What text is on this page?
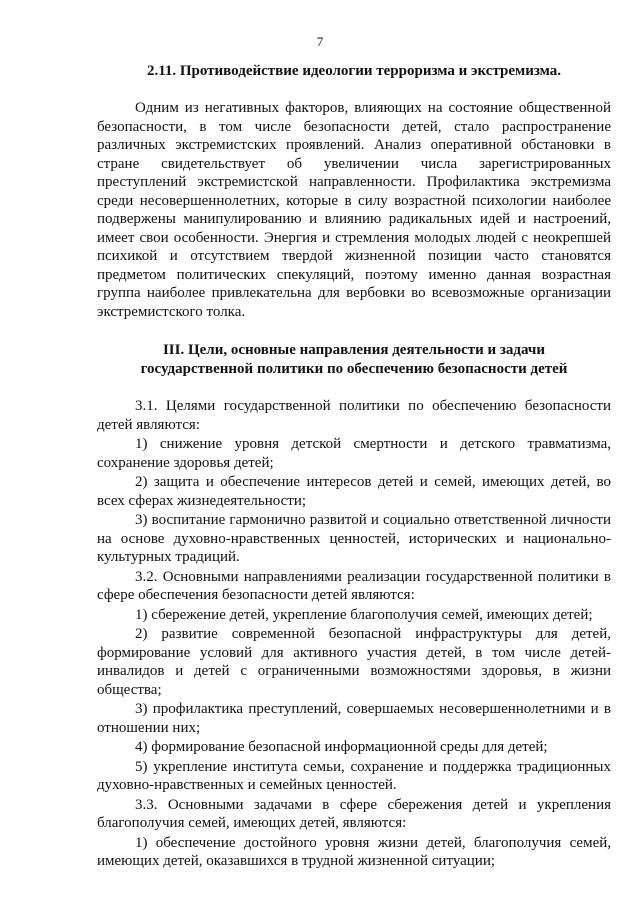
7

2.11. Противодействие идеологии терроризма и экстремизма.

Одним из негативных факторов, влияющих на состояние общественной безопасности, в том числе безопасности детей, стало распространение различных экстремистских проявлений. Анализ оперативной обстановки в стране свидетельствует об увеличении числа зарегистрированных преступлений экстремистской направленности. Профилактика экстремизма среди несовершеннолетних, которые в силу возрастной психологии наиболее подвержены манипулированию и влиянию радикальных идей и настроений, имеет свои особенности. Энергия и стремления молодых людей с неокрепшей психикой и отсутствием твердой жизненной позиции часто становятся предметом политических спекуляций, поэтому именно данная возрастная группа наиболее привлекательна для вербовки во всевозможные организации экстремистского толка.

III. Цели, основные направления деятельности и задачи
государственной политики по обеспечению безопасности детей

3.1. Целями государственной политики по обеспечению безопасности детей являются:

1) снижение уровня детской смертности и детского травматизма, сохранение здоровья детей;

2) защита и обеспечение интересов детей и семей, имеющих детей, во всех сферах жизнедеятельности;

3) воспитание гармонично развитой и социально ответственной личности на основе духовно-нравственных ценностей, исторических и национально-культурных традиций.

3.2. Основными направлениями реализации государственной политики в сфере обеспечения безопасности детей являются:

1) сбережение детей, укрепление благополучия семей, имеющих детей;

2) развитие современной безопасной инфраструктуры для детей, формирование условий для активного участия детей, в том числе детей-инвалидов и детей с ограниченными возможностями здоровья, в жизни общества;

3) профилактика преступлений, совершаемых несовершеннолетними и в отношении них;

4) формирование безопасной информационной среды для детей;

5) укрепление института семьи, сохранение и поддержка традиционных духовно-нравственных и семейных ценностей.

3.3. Основными задачами в сфере сбережения детей и укрепления благополучия семей, имеющих детей, являются:

1) обеспечение достойного уровня жизни детей, благополучия семей, имеющих детей, оказавшихся в трудной жизненной ситуации;
